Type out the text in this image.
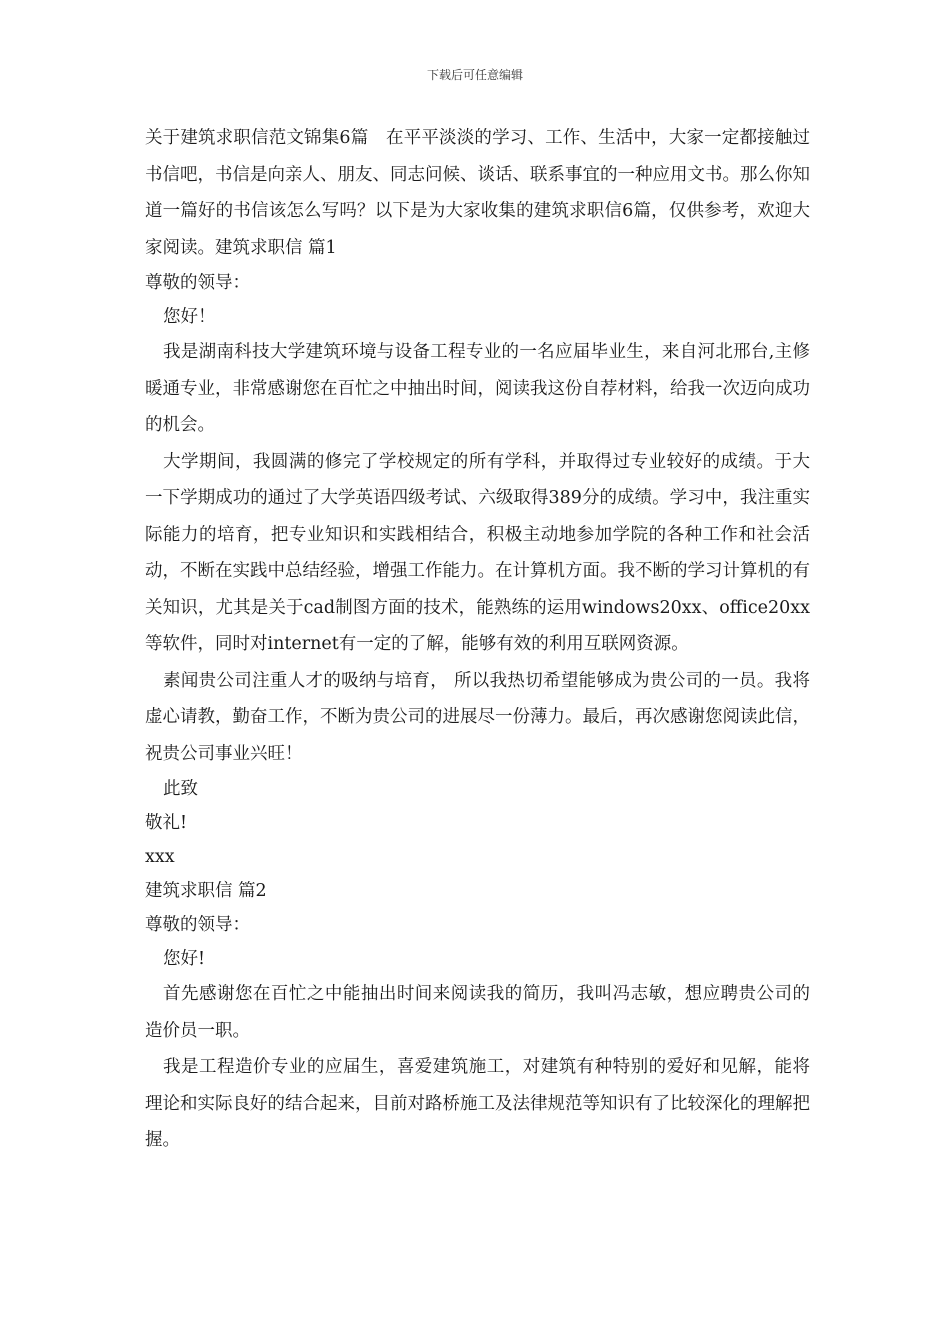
下载后可任意编辑

关于建筑求职信范文锦集6篇　在平平淡淡的学习、工作、生活中，大家一定都接触过书信吧，书信是向亲人、朋友、同志问候、谈话、联系事宜的一种应用文书。那么你知道一篇好的书信该怎么写吗？以下是为大家收集的建筑求职信6篇，仅供参考，欢迎大家阅读。建筑求职信 篇1

尊敬的领导：

您好！

我是湖南科技大学建筑环境与设备工程专业的一名应届毕业生，来自河北邢台,主修暖通专业，非常感谢您在百忙之中抽出时间，阅读我这份自荐材料，给我一次迈向成功的机会。

大学期间，我圆满的修完了学校规定的所有学科，并取得过专业较好的成绩。于大一下学期成功的通过了大学英语四级考试、六级取得389分的成绩。学习中，我注重实际能力的培育，把专业知识和实践相结合，积极主动地参加学院的各种工作和社会活动，不断在实践中总结经验，增强工作能力。在计算机方面。我不断的学习计算机的有关知识，尤其是关于cad制图方面的技术，能熟练的运用windows20xx、office20xx等软件，同时对internet有一定的了解，能够有效的利用互联网资源。

素闻贵公司注重人才的吸纳与培育， 所以我热切希望能够成为贵公司的一员。我将虚心请教，勤奋工作，不断为贵公司的进展尽一份薄力。最后，再次感谢您阅读此信，祝贵公司事业兴旺！

此致

敬礼!

xxx

建筑求职信 篇2

尊敬的领导：

您好!

首先感谢您在百忙之中能抽出时间来阅读我的简历，我叫冯志敏，想应聘贵公司的造价员一职。

我是工程造价专业的应届生，喜爱建筑施工，对建筑有种特别的爱好和见解，能将理论和实际良好的结合起来，目前对路桥施工及法律规范等知识有了比较深化的理解把握。
